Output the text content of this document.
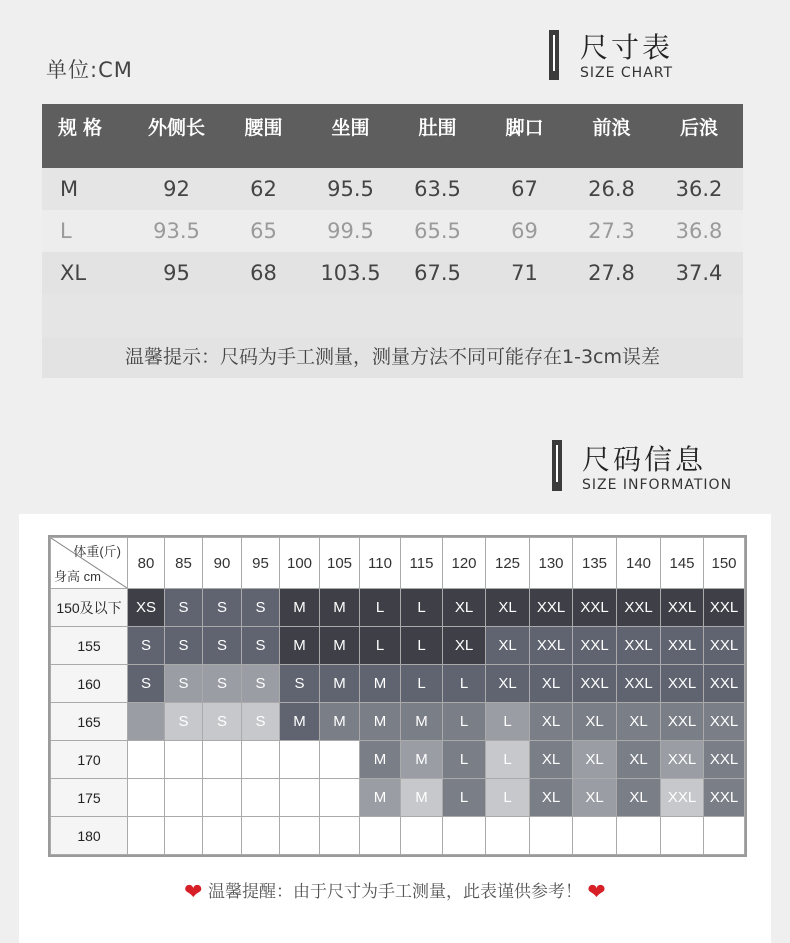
单位:CM
尺寸表
SIZE CHART
规格	外侧长	腰围	坐围	肚围	脚口	前浪	后浪
M	92	62	95.5	63.5	67	26.8	36.2
L	93.5	65	99.5	65.5	69	27.3	36.8
XL	95	68	103.5	67.5	71	27.8	37.4
温馨提示：尺码为手工测量，测量方法不同可能存在1-3cm误差
尺码信息
SIZE INFORMATION
体重(斤)
身高 cm	80	85	90	95	100	105	110	115	120	125	130	135	140	145	150
150及以下	XS	S	S	S	M	M	L	L	XL	XL	XXL	XXL	XXL	XXL	XXL
155	S	S	S	S	M	M	L	L	XL	XL	XXL	XXL	XXL	XXL	XXL
160	S	S	S	S	S	M	M	L	L	XL	XL	XXL	XXL	XXL	XXL
165		S	S	S	M	M	M	M	L	L	XL	XL	XL	XXL	XXL
170							M	M	L	L	XL	XL	XL	XXL	XXL
175							M	M	L	L	XL	XL	XL	XXL	XXL
180															
❤ 温馨提醒：由于尺寸为手工测量，此表谨供参考！ ❤
